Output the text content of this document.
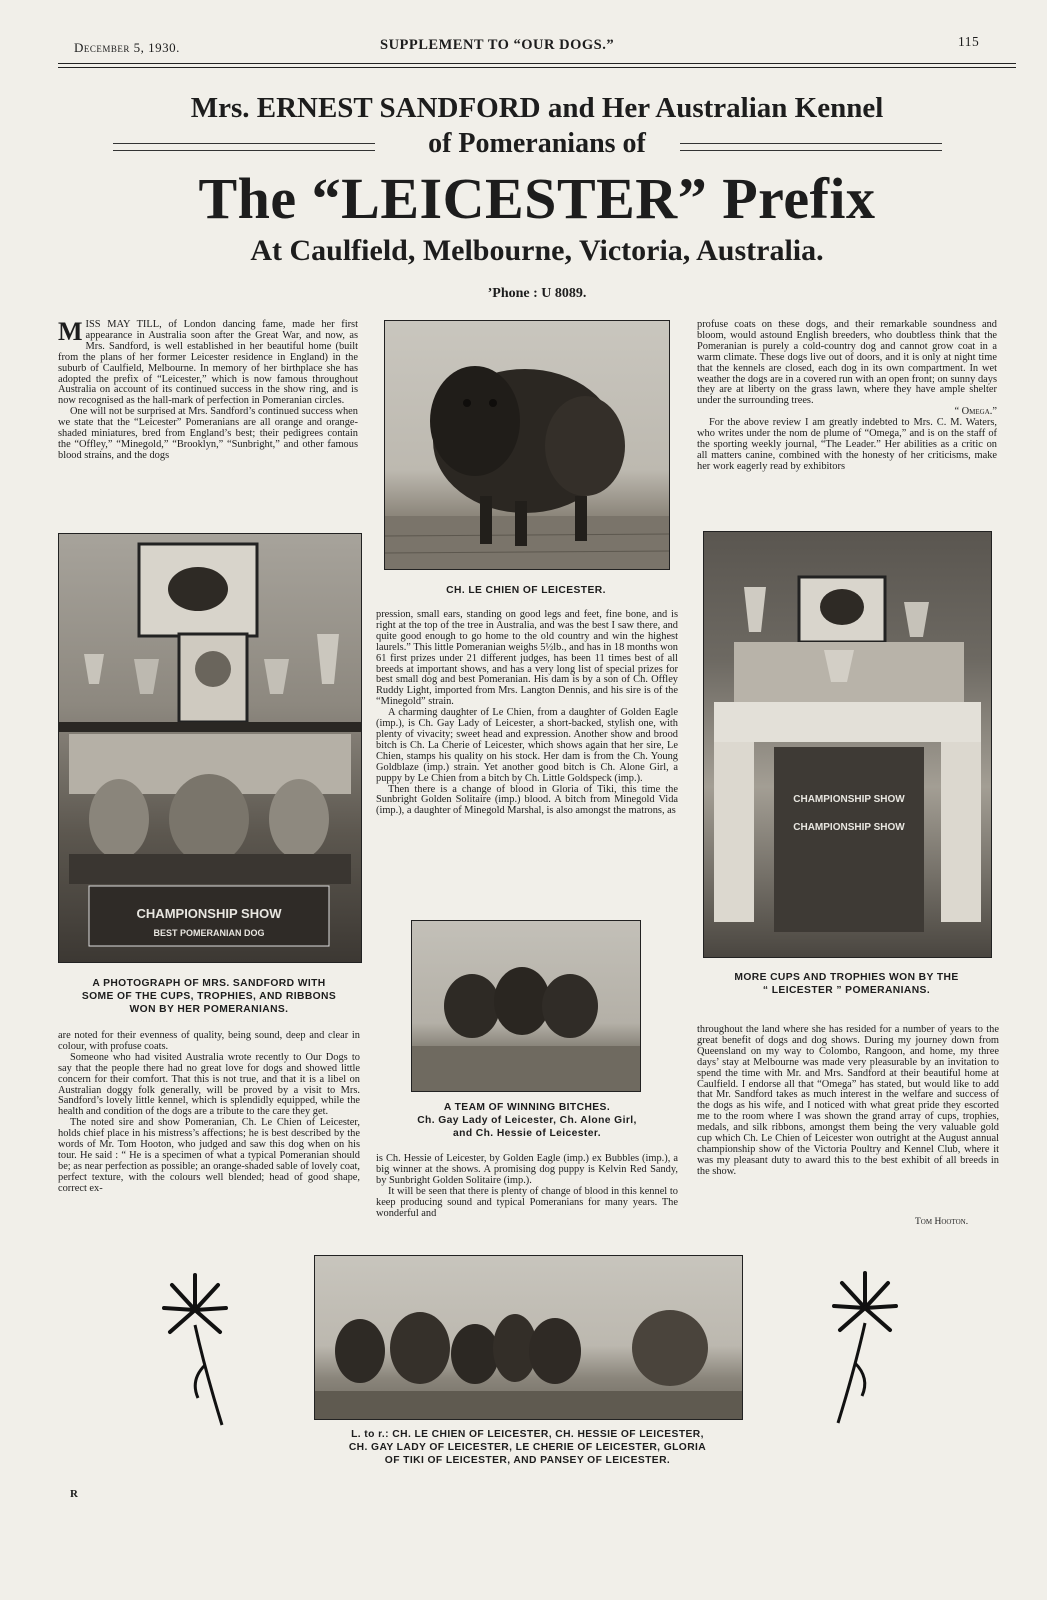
December 5, 1930.	SUPPLEMENT TO “OUR DOGS.”	115
Mrs. ERNEST SANDFORD and Her Australian Kennel
of Pomeranians of
The “LEICESTER” Prefix
At Caulfield, Melbourne, Victoria, Australia.
’Phone : U 8089.

MISS MAY TILL, of London dancing fame, made her first appearance in Australia soon after the Great War, and now, as Mrs. Sandford, is well established in her beautiful home (built from the plans of her former Leicester residence in England) in the suburb of Caulfield, Melbourne. In memory of her birthplace she has adopted the prefix of “Leicester,” which is now famous throughout Australia on account of its continued success in the show ring, and is now recognised as the hall-mark of perfection in Pomeranian circles.

One will not be surprised at Mrs. Sandford’s continued success when we state that the “Leicester” Pomeranians are all orange and orange-shaded miniatures, bred from England’s best; their pedigrees contain the “Offley,” “Minegold,” “Brooklyn,” “Sunbright,” and other famous blood strains, and the dogs

CH. LE CHIEN OF LEICESTER.

profuse coats on these dogs, and their remarkable soundness and bloom, would astound English breeders, who doubtless think that the Pomeranian is purely a cold-country dog and cannot grow coat in a warm climate. These dogs live out of doors, and it is only at night time that the kennels are closed, each dog in its own compartment. In wet weather the dogs are in a covered run with an open front; on sunny days they are at liberty on the grass lawn, where they have ample shelter under the surrounding trees.

“ Omega.”

For the above review I am greatly indebted to Mrs. C. M. Waters, who writes under the nom de plume of “Omega,” and is on the staff of the sporting weekly journal, “The Leader.” Her abilities as a critic on all matters canine, combined with the honesty of her criticisms, make her work eagerly read by exhibitors

CHAMPIONSHIP SHOW
BEST POMERANIAN DOG
A PHOTOGRAPH OF MRS. SANDFORD WITH
SOME OF THE CUPS, TROPHIES, AND RIBBONS
WON BY HER POMERANIANS.

pression, small ears, standing on good legs and feet, fine bone, and is right at the top of the tree in Australia, and was the best I saw there, and quite good enough to go home to the old country and win the highest laurels.” This little Pomeranian weighs 5½lb., and has in 18 months won 61 first prizes under 21 different judges, has been 11 times best of all breeds at important shows, and has a very long list of special prizes for best small dog and best Pomeranian. His dam is by a son of Ch. Offley Ruddy Light, imported from Mrs. Langton Dennis, and his sire is of the “Minegold” strain.

A charming daughter of Le Chien, from a daughter of Golden Eagle (imp.), is Ch. Gay Lady of Leicester, a short-backed, stylish one, with plenty of vivacity; sweet head and expression. Another show and brood bitch is Ch. La Cherie of Leicester, which shows again that her sire, Le Chien, stamps his quality on his stock. Her dam is from the Ch. Young Goldblaze (imp.) strain. Yet another good bitch is Ch. Alone Girl, a puppy by Le Chien from a bitch by Ch. Little Goldspeck (imp.).

Then there is a change of blood in Gloria of Tiki, this time the Sunbright Golden Solitaire (imp.) blood. A bitch from Minegold Vida (imp.), a daughter of Minegold Marshal, is also amongst the matrons, as

CHAMPIONSHIP SHOW
CHAMPIONSHIP SHOW
MORE CUPS AND TROPHIES WON BY THE
“ LEICESTER ” POMERANIANS.

are noted for their evenness of quality, being sound, deep and clear in colour, with profuse coats.

Someone who had visited Australia wrote recently to Our Dogs to say that the people there had no great love for dogs and showed little concern for their comfort. That this is not true, and that it is a libel on Australian doggy folk generally, will be proved by a visit to Mrs. Sandford’s lovely little kennel, which is splendidly equipped, while the health and condition of the dogs are a tribute to the care they get.

The noted sire and show Pomeranian, Ch. Le Chien of Leicester, holds chief place in his mistress’s affections; he is best described by the words of Mr. Tom Hooton, who judged and saw this dog when on his tour. He said : “ He is a specimen of what a typical Pomeranian should be; as near perfection as possible; an orange-shaded sable of lovely coat, perfect texture, with the colours well blended; head of good shape, correct ex-

A TEAM OF WINNING BITCHES.
Ch. Gay Lady of Leicester, Ch. Alone Girl,
and Ch. Hessie of Leicester.

is Ch. Hessie of Leicester, by Golden Eagle (imp.) ex Bubbles (imp.), a big winner at the shows. A promising dog puppy is Kelvin Red Sandy, by Sunbright Golden Solitaire (imp.).

It will be seen that there is plenty of change of blood in this kennel to keep producing sound and typical Pomeranians for many years. The wonderful and

throughout the land where she has resided for a number of years to the great benefit of dogs and dog shows. During my journey down from Queensland on my way to Colombo, Rangoon, and home, my three days’ stay at Melbourne was made very pleasurable by an invitation to spend the time with Mr. and Mrs. Sandford at their beautiful home at Caulfield. I endorse all that “Omega” has stated, but would like to add that Mr. Sandford takes as much interest in the welfare and success of the dogs as his wife, and I noticed with what great pride they escorted me to the room where I was shown the grand array of cups, trophies, medals, and silk ribbons, amongst them being the very valuable gold cup which Ch. Le Chien of Leicester won outright at the August annual championship show of the Victoria Poultry and Kennel Club, where it was my pleasant duty to award this to the best exhibit of all breeds in the show.

Tom Hooton.
L. to r.: CH. LE CHIEN OF LEICESTER, CH. HESSIE OF LEICESTER,
CH. GAY LADY OF LEICESTER, LE CHERIE OF LEICESTER, GLORIA
OF TIKI OF LEICESTER, AND PANSEY OF LEICESTER.
R
